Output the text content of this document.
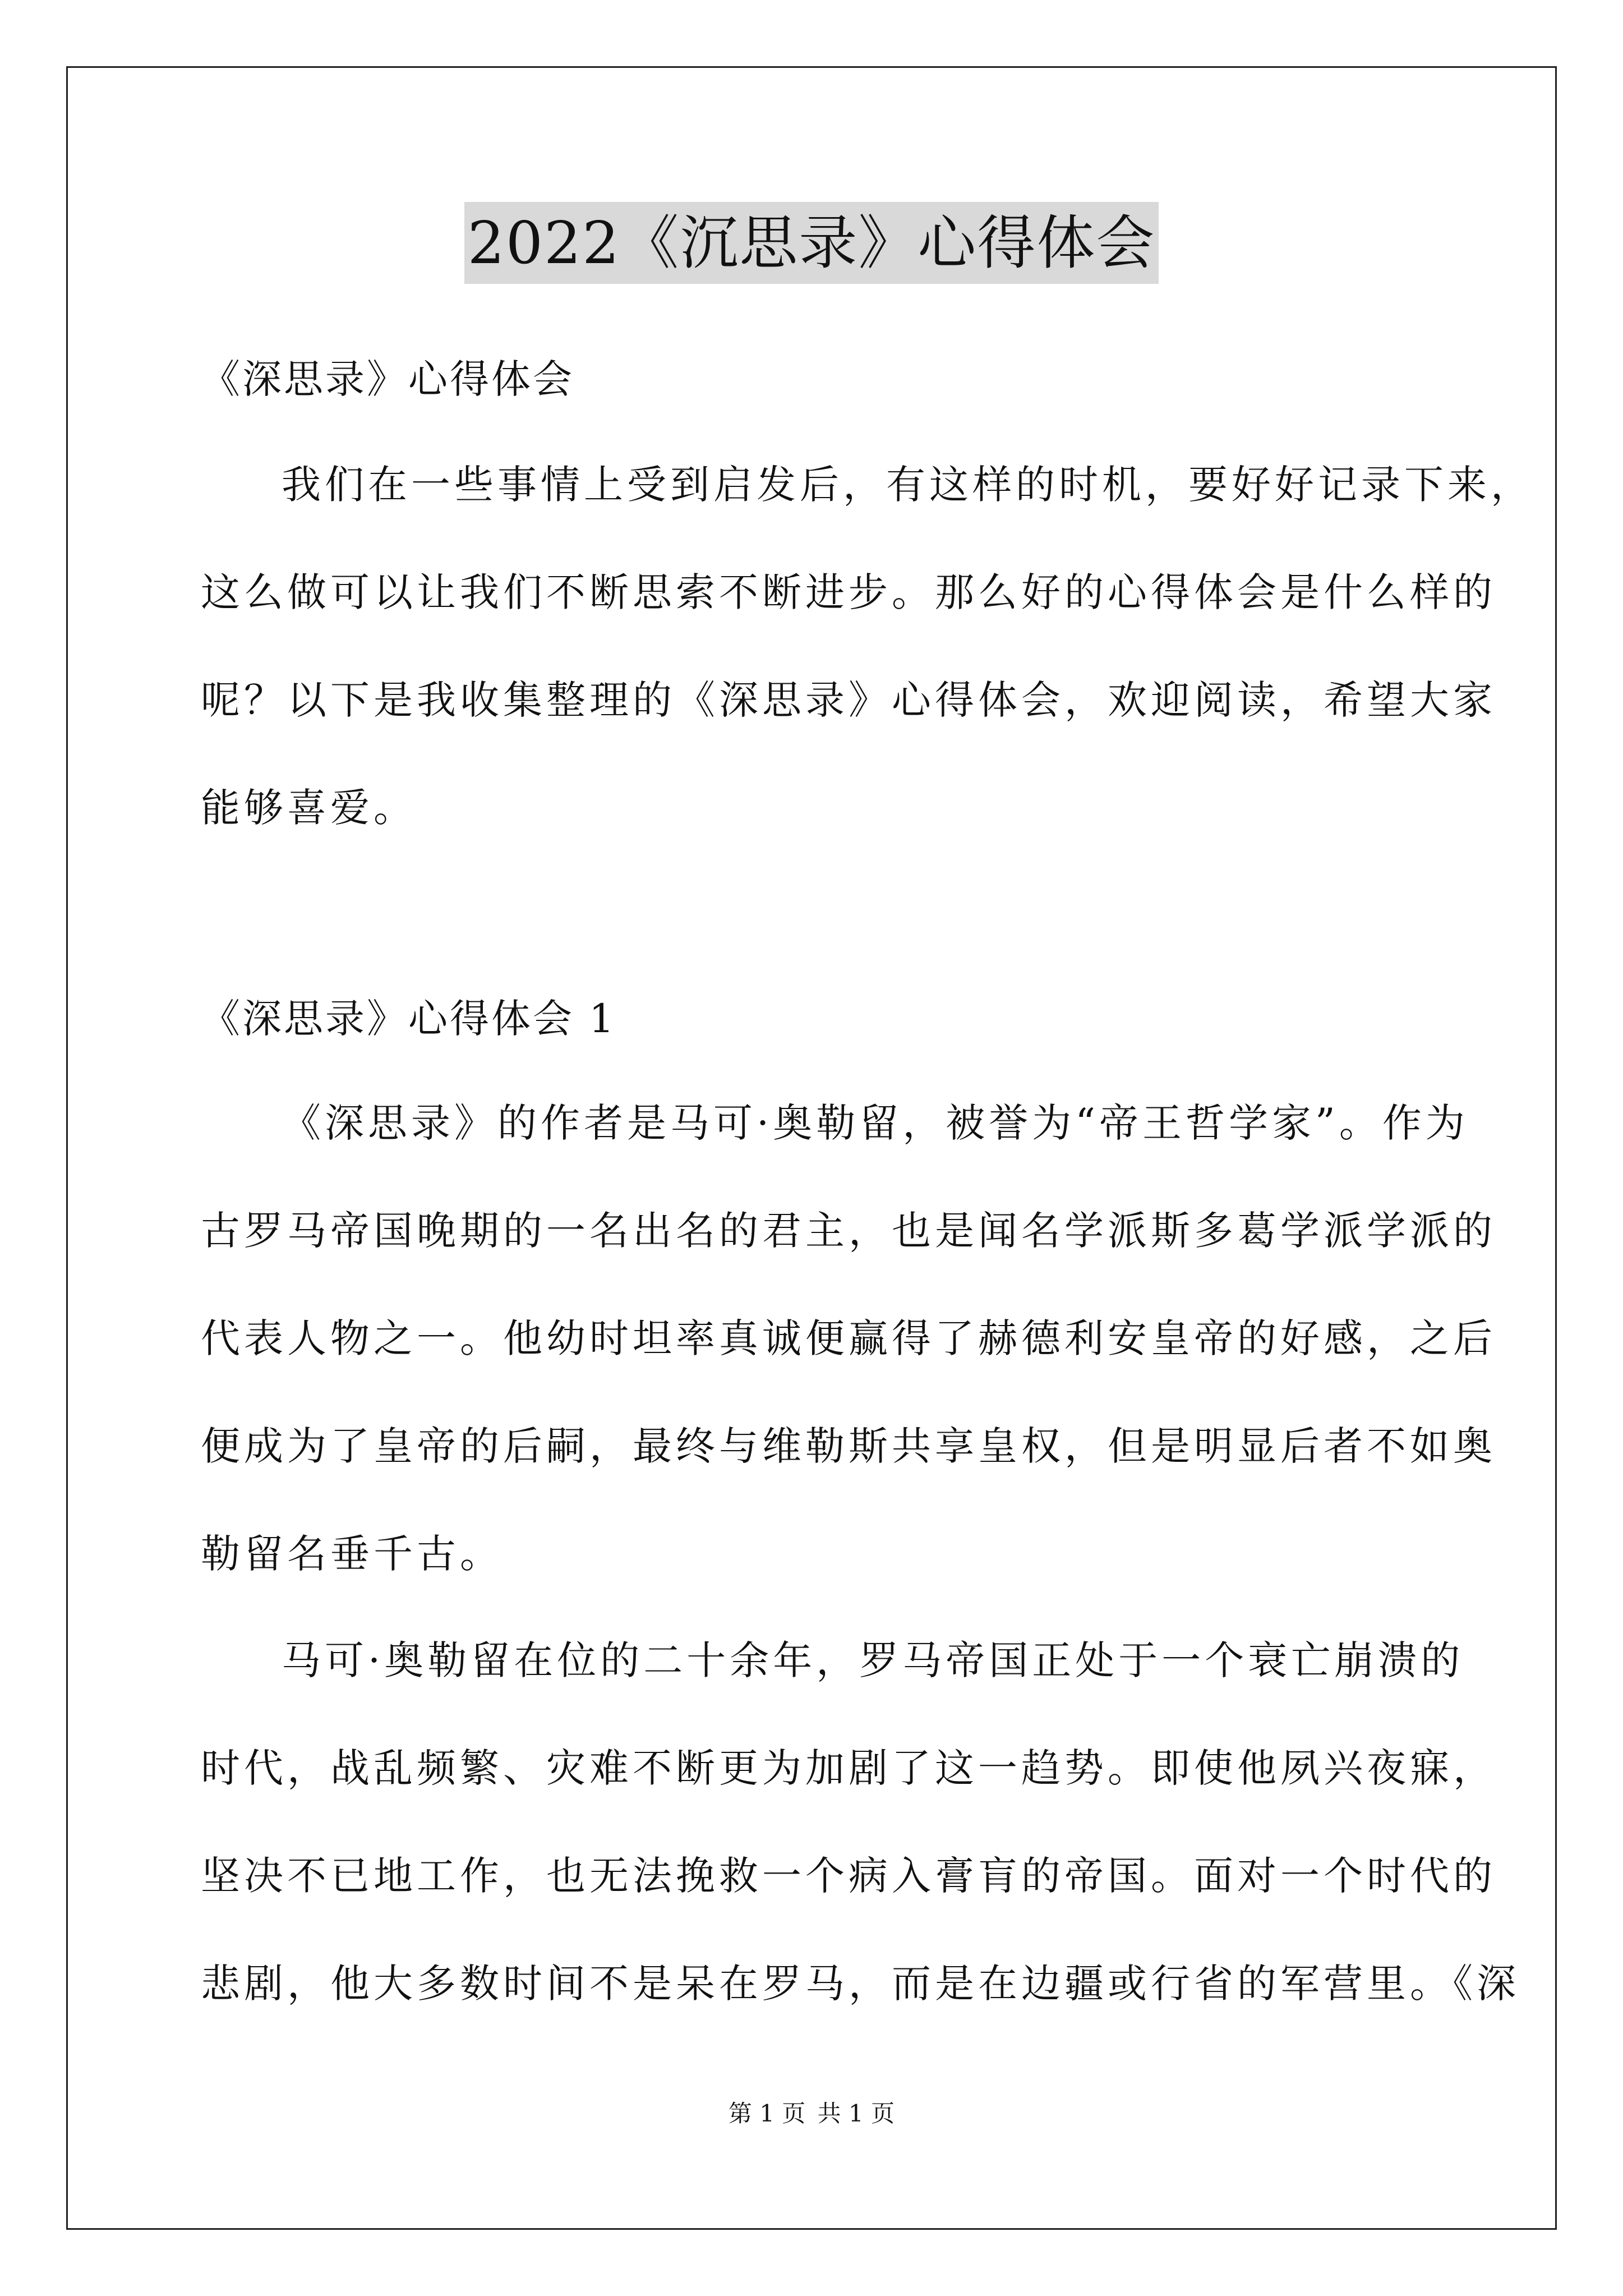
2022《沉思录》心得体会
《深思录》心得体会
我们在一些事情上受到启发后，有这样的时机，要好好记录下来，
这么做可以让我们不断思索不断进步。那么好的心得体会是什么样的
呢？以下是我收集整理的《深思录》心得体会，欢迎阅读，希望大家
能够喜爱。
《深思录》心得体会 1
《深思录》的作者是马可·奥勒留，被誉为“帝王哲学家”。作为
古罗马帝国晚期的一名出名的君主，也是闻名学派斯多葛学派学派的
代表人物之一。他幼时坦率真诚便赢得了赫德利安皇帝的好感，之后
便成为了皇帝的后嗣，最终与维勒斯共享皇权，但是明显后者不如奥
勒留名垂千古。
马可·奥勒留在位的二十余年，罗马帝国正处于一个衰亡崩溃的
时代，战乱频繁、灾难不断更为加剧了这一趋势。即使他夙兴夜寐，
坚决不已地工作，也无法挽救一个病入膏肓的帝国。面对一个时代的
悲剧，他大多数时间不是呆在罗马，而是在边疆或行省的军营里。《深
第 1 页 共 1 页
